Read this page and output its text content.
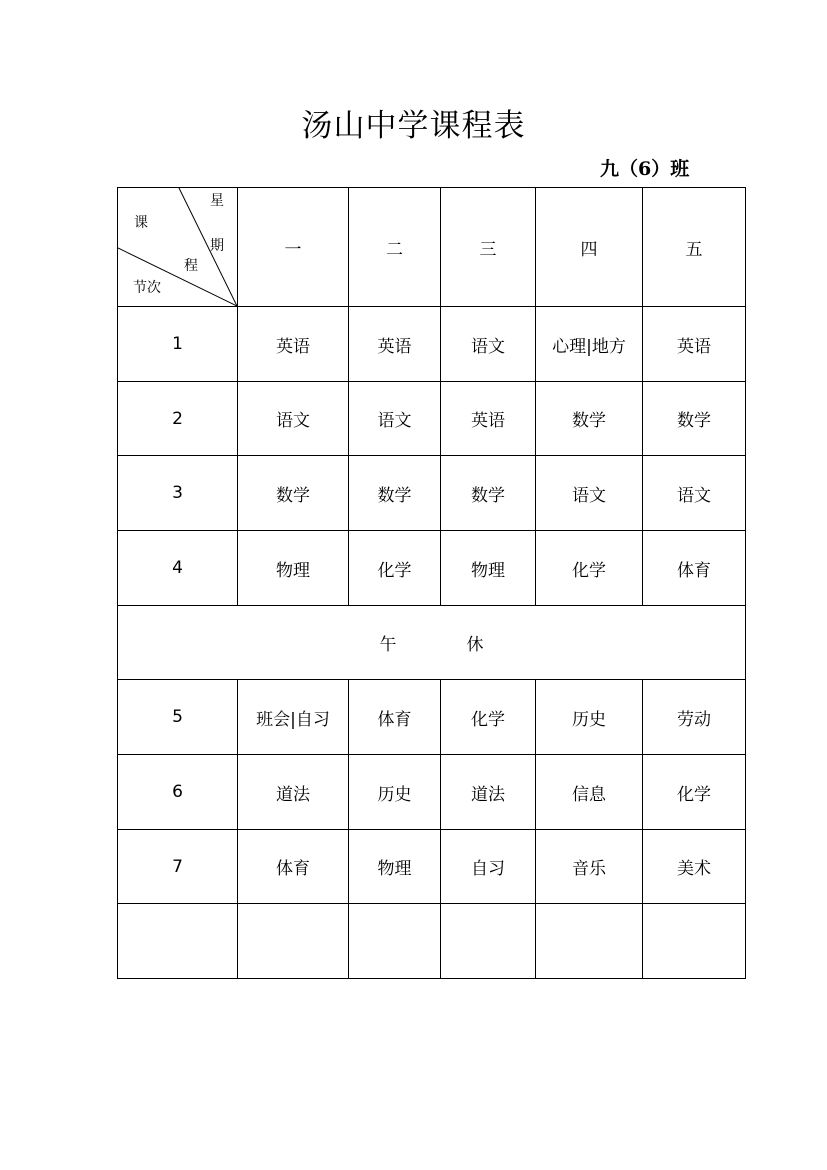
汤山中学课程表
九（6）班
星
期
课
程
节次	一	二	三	四	五
1	英语	英语	语文	心理|地方	英语
2	语文	语文	英语	数学	数学
3	数学	数学	数学	语文	语文
4	物理	化学	物理	化学	体育
午 休					
5	班会|自习	体育	化学	历史	劳动
6	道法	历史	道法	信息	化学
7	体育	物理	自习	音乐	美术
